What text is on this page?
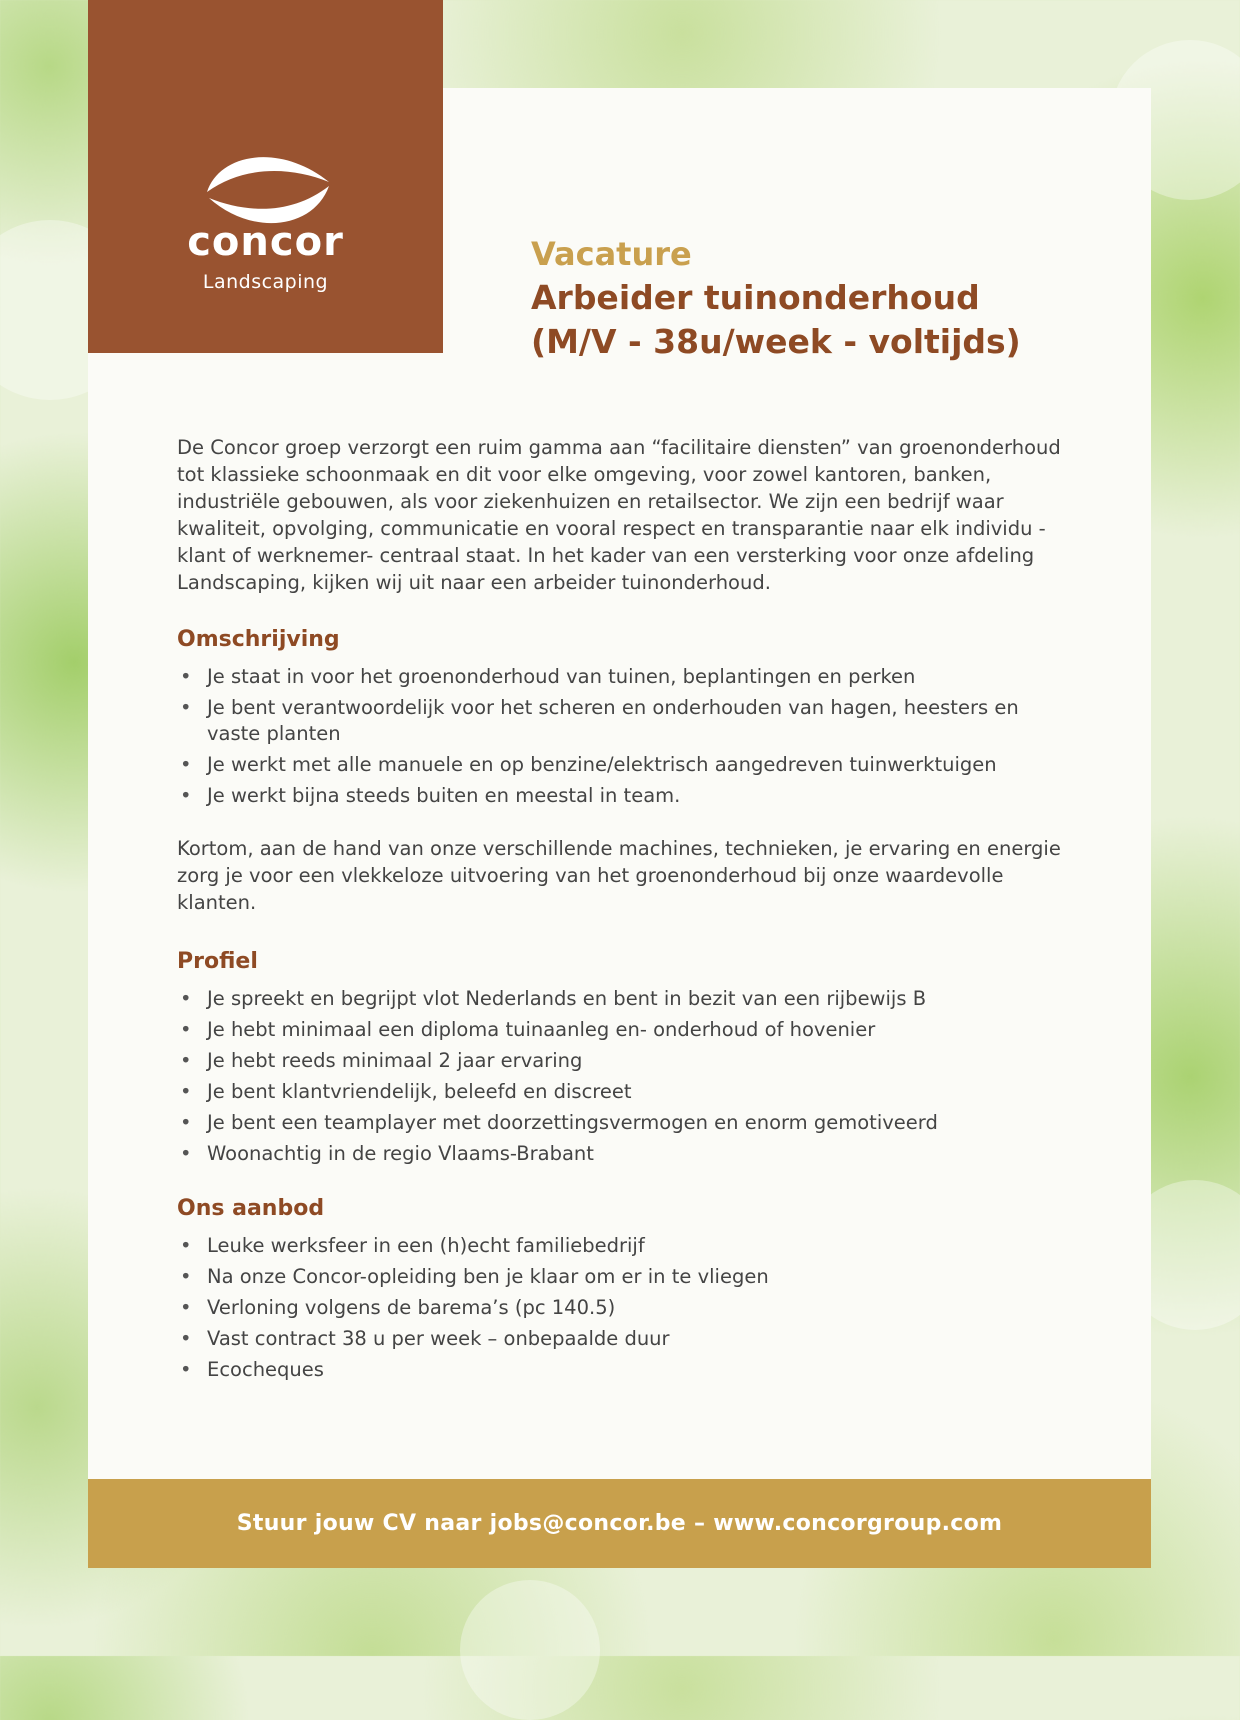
concor
Landscaping
Vacature
Arbeider tuinonderhoud
(M/V - 38u/week - voltijds)

De Concor groep verzorgt een ruim gamma aan “facilitaire diensten” van groenonderhoud tot klassieke schoonmaak en dit voor elke omgeving, voor zowel kantoren, banken, industriële gebouwen, als voor ziekenhuizen en retailsector. We zijn een bedrijf waar kwaliteit, opvolging, communicatie en vooral respect en transparantie naar elk individu - klant of werknemer- centraal staat. In het kader van een versterking voor onze afdeling Landscaping, kijken wij uit naar een arbeider tuinonderhoud.

Omschrijving
• Je staat in voor het groenonderhoud van tuinen, beplantingen en perken
• Je bent verantwoordelijk voor het scheren en onderhouden van hagen, heesters en vaste planten
• Je werkt met alle manuele en op benzine/elektrisch aangedreven tuinwerktuigen
• Je werkt bijna steeds buiten en meestal in team.

Kortom, aan de hand van onze verschillende machines, technieken, je ervaring en energie zorg je voor een vlekkeloze uitvoering van het groenonderhoud bij onze waardevolle klanten.

Profiel
• Je spreekt en begrijpt vlot Nederlands en bent in bezit van een rijbewijs B
• Je hebt minimaal een diploma tuinaanleg en- onderhoud of hovenier
• Je hebt reeds minimaal 2 jaar ervaring
• Je bent klantvriendelijk, beleefd en discreet
• Je bent een teamplayer met doorzettingsvermogen en enorm gemotiveerd
• Woonachtig in de regio Vlaams-Brabant
Ons aanbod
• Leuke werksfeer in een (h)echt familiebedrijf
• Na onze Concor-opleiding ben je klaar om er in te vliegen
• Verloning volgens de barema’s (pc 140.5)
• Vast contract 38 u per week – onbepaalde duur
• Ecocheques
Stuur jouw CV naar jobs@concor.be – www.concorgroup.com
